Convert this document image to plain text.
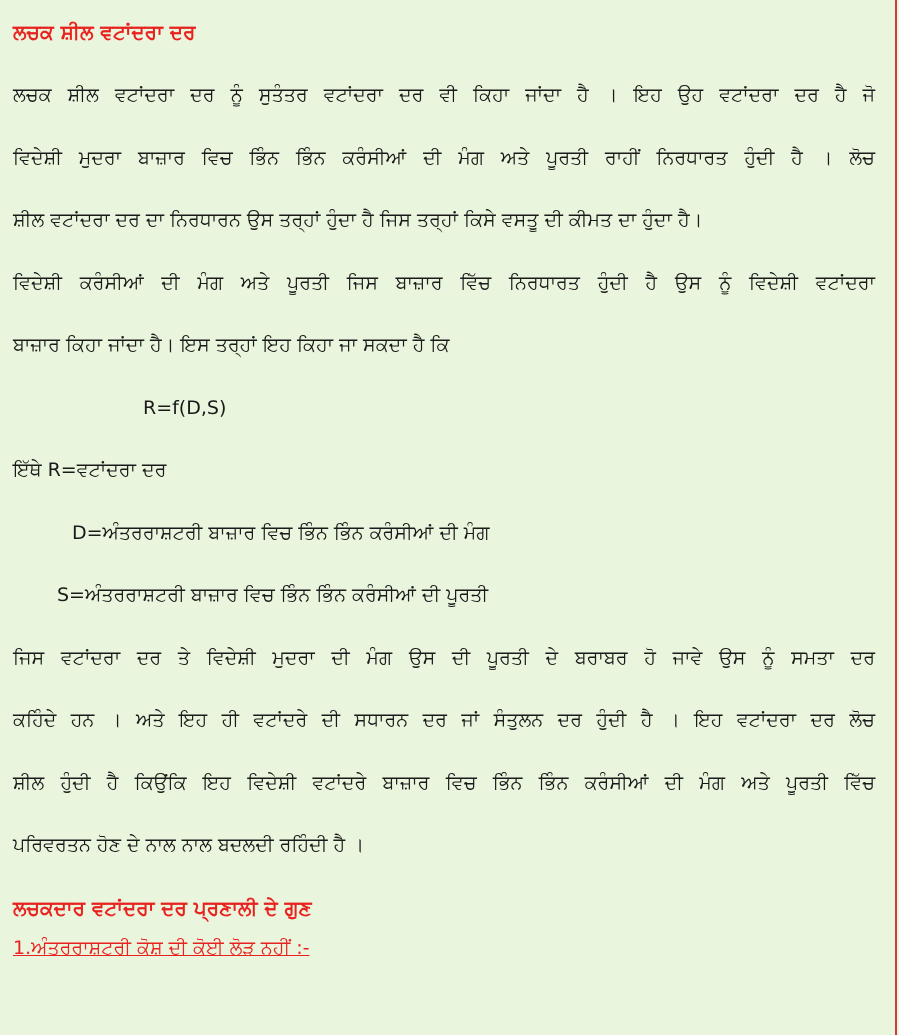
ਲਚਕ ਸ਼ੀਲ ਵਟਾਂਦਰਾ ਦਰ
ਲਚਕ ਸ਼ੀਲ ਵਟਾਂਦਰਾ ਦਰ ਨੂੰ ਸੁਤੰਤਰ ਵਟਾਂਦਰਾ ਦਰ ਵੀ ਕਿਹਾ ਜਾਂਦਾ ਹੈ । ਇਹ ਉਹ ਵਟਾਂਦਰਾ ਦਰ ਹੈ ਜੋ
ਵਿਦੇਸ਼ੀ ਮੁਦਰਾ ਬਾਜ਼ਾਰ ਵਿਚ ਭਿੰਨ ਭਿੰਨ ਕਰੰਸੀਆਂ ਦੀ ਮੰਗ ਅਤੇ ਪੂਰਤੀ ਰਾਹੀਂ ਨਿਰਧਾਰਤ ਹੁੰਦੀ ਹੈ । ਲੋਚ
ਸ਼ੀਲ ਵਟਾਂਦਰਾ ਦਰ ਦਾ ਨਿਰਧਾਰਨ ਉਸ ਤਰ੍ਹਾਂ ਹੁੰਦਾ ਹੈ ਜਿਸ ਤਰ੍ਹਾਂ ਕਿਸੇ ਵਸਤੂ ਦੀ ਕੀਮਤ ਦਾ ਹੁੰਦਾ ਹੈ।
ਵਿਦੇਸ਼ੀ ਕਰੰਸੀਆਂ ਦੀ ਮੰਗ ਅਤੇ ਪੂਰਤੀ ਜਿਸ ਬਾਜ਼ਾਰ ਵਿੱਚ ਨਿਰਧਾਰਤ ਹੁੰਦੀ ਹੈ ਉਸ ਨੂੰ ਵਿਦੇਸ਼ੀ ਵਟਾਂਦਰਾ
ਬਾਜ਼ਾਰ ਕਿਹਾ ਜਾਂਦਾ ਹੈ। ਇਸ ਤਰ੍ਹਾਂ ਇਹ ਕਿਹਾ ਜਾ ਸਕਦਾ ਹੈ ਕਿ
R=f(D,S)
ਇੱਥੇ R=ਵਟਾਂਦਰਾ ਦਰ
D=ਅੰਤਰਰਾਸ਼ਟਰੀ ਬਾਜ਼ਾਰ ਵਿਚ ਭਿੰਨ ਭਿੰਨ ਕਰੰਸੀਆਂ ਦੀ ਮੰਗ
S=ਅੰਤਰਰਾਸ਼ਟਰੀ ਬਾਜ਼ਾਰ ਵਿਚ ਭਿੰਨ ਭਿੰਨ ਕਰੰਸੀਆਂ ਦੀ ਪੂਰਤੀ
ਜਿਸ ਵਟਾਂਦਰਾ ਦਰ ਤੇ ਵਿਦੇਸ਼ੀ ਮੁਦਰਾ ਦੀ ਮੰਗ ਉਸ ਦੀ ਪੂਰਤੀ ਦੇ ਬਰਾਬਰ ਹੋ ਜਾਵੇ ਉਸ ਨੂੰ ਸਮਤਾ ਦਰ
ਕਹਿੰਦੇ ਹਨ । ਅਤੇ ਇਹ ਹੀ ਵਟਾਂਦਰੇ ਦੀ ਸਧਾਰਨ ਦਰ ਜਾਂ ਸੰਤੁਲਨ ਦਰ ਹੁੰਦੀ ਹੈ । ਇਹ ਵਟਾਂਦਰਾ ਦਰ ਲੋਚ
ਸ਼ੀਲ ਹੁੰਦੀ ਹੈ ਕਿਉਂਕਿ ਇਹ ਵਿਦੇਸ਼ੀ ਵਟਾਂਦਰੇ ਬਾਜ਼ਾਰ ਵਿਚ ਭਿੰਨ ਭਿੰਨ ਕਰੰਸੀਆਂ ਦੀ ਮੰਗ ਅਤੇ ਪੂਰਤੀ ਵਿੱਚ
ਪਰਿਵਰਤਨ ਹੋਣ ਦੇ ਨਾਲ ਨਾਲ ਬਦਲਦੀ ਰਹਿੰਦੀ ਹੈ ।
ਲਚਕਦਾਰ ਵਟਾਂਦਰਾ ਦਰ ਪ੍ਰਣਾਲੀ ਦੇ ਗੁਣ
1.ਅੰਤਰਰਾਸ਼ਟਰੀ ਕੋਸ਼ ਦੀ ਕੋਈ ਲੋੜ ਨਹੀਂ :-
